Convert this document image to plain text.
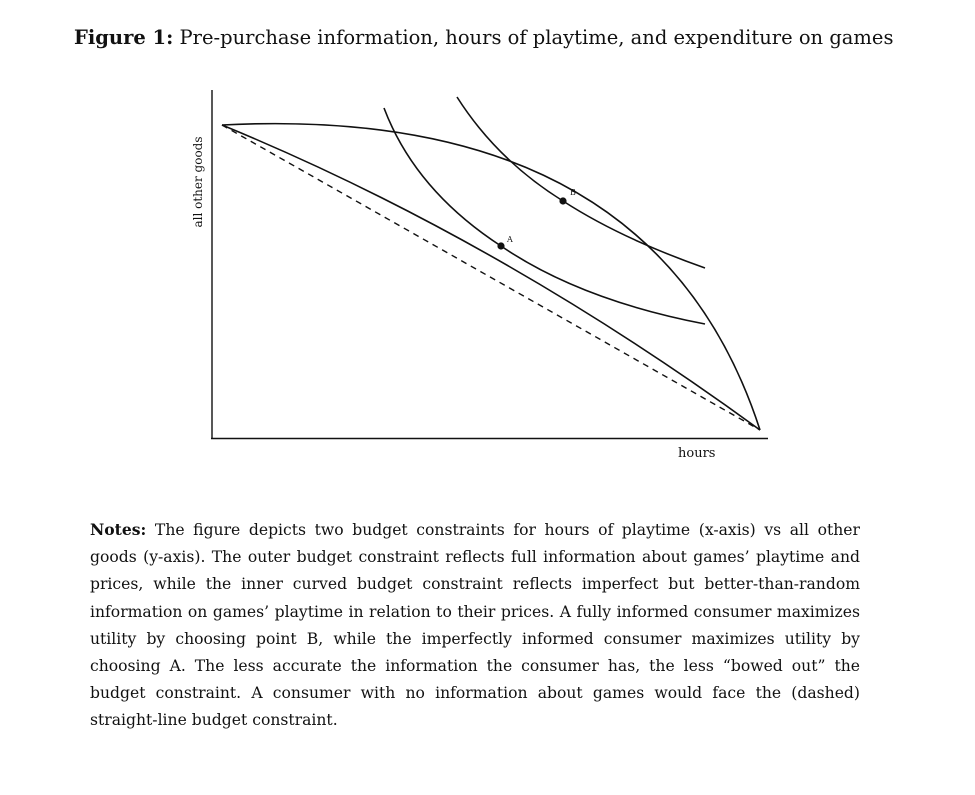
Figure 1: Pre-purchase information, hours of playtime, and expenditure on games
A
B
hours
all other goods
Notes: The figure depicts two budget constraints for hours of playtime (x-axis) vs all other goods (y-axis). The outer budget constraint reflects full information about games’ playtime and prices, while the inner curved budget constraint reflects imperfect but better-than-random information on games’ playtime in relation to their prices. A fully informed consumer maximizes utility by choosing point B, while the imperfectly informed consumer maximizes utility by choosing A. The less accurate the information the consumer has, the less “bowed out” the budget constraint. A consumer with no information about games would face the (dashed) straight-line budget constraint.
